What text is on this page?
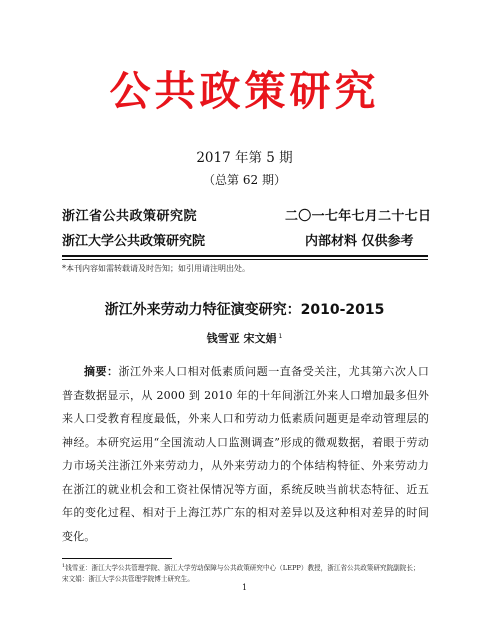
公共政策研究
2017 年第 5 期
（总第 62 期）
浙江省公共政策研究院	二〇一七年七月二十七日
浙江大学公共政策研究院	内部材料 仅供参考
*本刊内容如需转载请及时告知；如引用请注明出处。
浙江外来劳动力特征演变研究：2010-2015
钱雪亚 宋文娟 $^1$

摘要：浙江外来人口相对低素质问题一直备受关注，尤其第六次人口普查数据显示，从 2000 到 2010 年的十年间浙江外来人口增加最多但外来人口受教育程度最低，外来人口和劳动力低素质问题更是牵动管理层的神经。本研究运用“全国流动人口监测调查”形成的微观数据，着眼于劳动力市场关注浙江外来劳动力，从外来劳动力的个体结构特征、外来劳动力在浙江的就业机会和工资社保情况等方面，系统反映当前状态特征、近五年的变化过程、相对于上海江苏广东的相对差异以及这种相对差异的时间变化。

$^1$钱雪亚：浙江大学公共管理学院、浙江大学劳动保障与公共政策研究中心（LEPP）教授，浙江省公共政策研究院副院长；
宋文娟：浙江大学公共管理学院博士研究生。
1
